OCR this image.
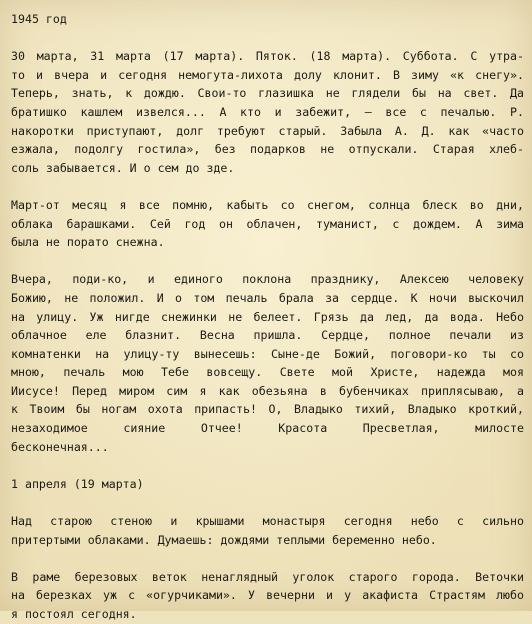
1945 год
30 марта, 31 марта (17 марта). Пяток. (18 марта). Суббота. С утра-
то и вчера и сегодня немогута-лихота долу клонит. В зиму «к снегу».
Теперь, знать, к дождю. Свои-то глазишка не глядели бы на свет. Да
братишко кашлем извелся... А кто и забежит, — все с печалью. Р.
накоротки приступают, долг требуют старый. Забыла А. Д. как «часто
езжала, подолгу гостила», без подарков не отпускали. Старая хлеб-
соль забывается. И о сем до зде.
Март-от месяц я все помню, кабыть со снегом, солнца блеск во дни,
облака барашками. Сей год он облачен, туманист, с дождем. А зима
была не порато снежна.
Вчера, поди-ко, и единого поклона празднику, Алексею человеку
Божию, не положил. И о том печаль брала за сердце. К ночи выскочил
на улицу. Уж нигде снежинки не белеет. Грязь да лед, да вода. Небо
облачное еле блазнит. Весна пришла. Сердце, полное печали из
комнатенки на улицу-ту вынесешь: Сыне-де Божий, поговори-ко ты со
мною, печаль мою Тебе вовсещу. Свете мой Христе, надежда моя
Иисусе! Перед миром сим я как обезьяна в бубенчиках приплясываю, а
к Твоим бы ногам охота припасть! О, Владыко тихий, Владыко кроткий,
незаходимое сияние Отчее! Красота Пресветлая, милосте
бесконечная...
1 апреля (19 марта)
Над старою стеною и крышами монастыря сегодня небо с сильно
притертыми облаками. Думаешь: дождями теплыми беременно небо.
В раме березовых веток ненаглядный уголок старого города. Веточки
на березках уж с «огурчиками». У вечерни и у акафиста Страстям любо
я постоял сегодня.
